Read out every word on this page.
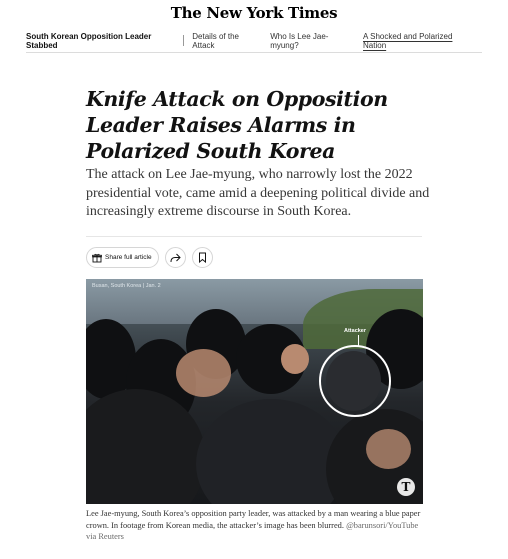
The New York Times
South Korean Opposition Leader Stabbed
Details of the Attack
Who Is Lee Jae-myung?
A Shocked and Polarized Nation
Knife Attack on Opposition Leader Raises Alarms in Polarized South Korea

The attack on Lee Jae-myung, who narrowly lost the 2022 presidential vote, came amid a deepening political divide and increasingly extreme discourse in South Korea.

Share full article
Busan, South Korea | Jan. 2
Attacker
T
Lee Jae-myung, South Korea’s opposition party leader, was attacked by a man wearing a blue paper crown. In footage from Korean media, the attacker’s image has been blurred. @barunsori/YouTube via Reuters
